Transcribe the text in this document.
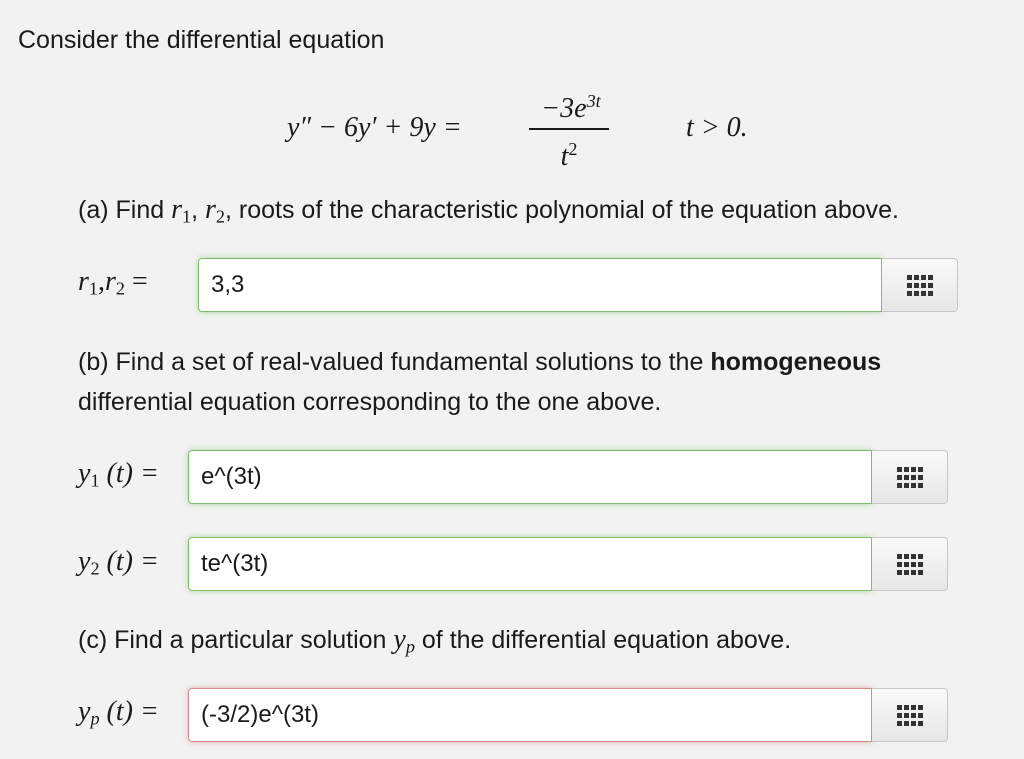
Consider the differential equation
y″ − 6y′ + 9y =
$-3e^{3t}$
$t^2$
t > 0.
(a) Find $r_1$, $r_2$, roots of the characteristic polynomial of the equation above.
$r_1,r_2$ =	3,3
(b) Find a set of real-valued fundamental solutions to the homogeneous
differential equation corresponding to the one above.
$y_1$ (t) =	e^(3t)
$y_2$ (t) =	te^(3t)
(c) Find a particular solution $y_p$ of the differential equation above.
$y_p$ (t) =	(-3/2)e^(3t)
